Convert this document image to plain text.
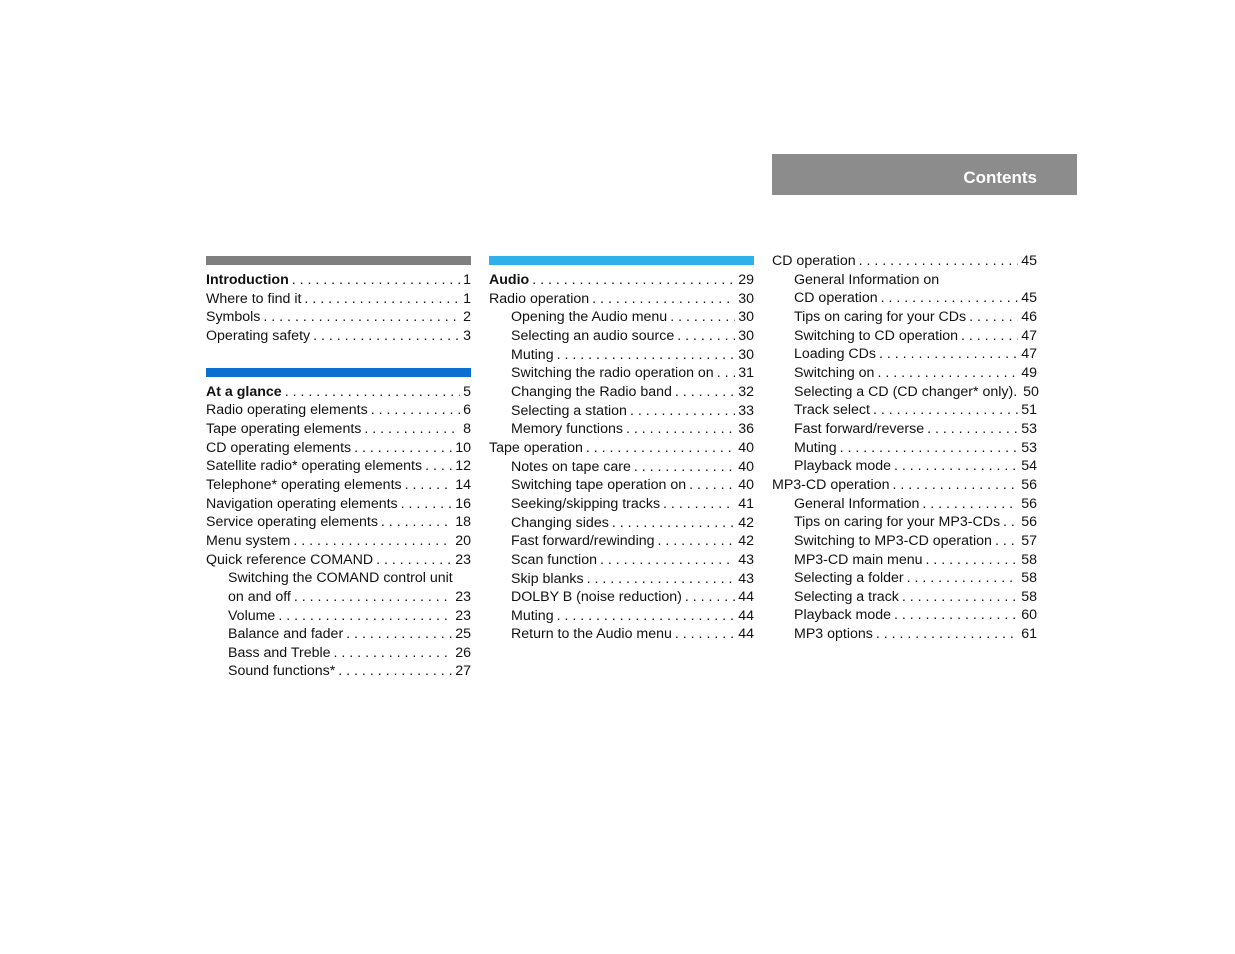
Contents
Introduction . . .	1
Where to find it . . .	1
Symbols . . .	2
Operating safety . . .	3
At a glance . . .	5
Radio operating elements . . .	6
Tape operating elements . . .	8
CD operating elements . . .	10
Satellite radio* operating elements . . . 12
Telephone* operating elements . . .	14
Navigation operating elements . . .	16
Service operating elements . . .	18
Menu system . . .	20
Quick reference COMAND . . .	23
Switching the COMAND control unit
on and off . . .	23
Volume . . .	23
Balance and fader . . .	25
Bass and Treble . . .	26
Sound functions* . . .	27
Audio . . .	29
Radio operation . . .	30
Opening the Audio menu . . .	30
Selecting an audio source . . .	30
Muting . . .	30
Switching the radio operation on . . . 31
Changing the Radio band . . .	32
Selecting a station . . .	33
Memory functions . . .	36
Tape operation . . .	40
Notes on tape care . . .	40
Switching tape operation on . . .	40
Seeking/skipping tracks . . .	41
Changing sides . . .	42
Fast forward/rewinding . . .	42
Scan function . . .	43
Skip blanks . . .	43
DOLBY B (noise reduction) . . .	44
Muting . . .	44
Return to the Audio menu . . .	44
CD operation . . .	45
General Information on
CD operation . . .	45
Tips on caring for your CDs . . .	46
Switching to CD operation . . .	47
Loading CDs . . .	47
Switching on . . .	49
Selecting a CD (CD changer* only). 50
Track select . . .	51
Fast forward/reverse . . .	53
Muting . . .	53
Playback mode . . .	54
MP3-CD operation . . .	56
General Information . . .	56
Tips on caring for your MP3-CDs . . . 56
Switching to MP3-CD operation . . . 57
MP3-CD main menu . . .	58
Selecting a folder . . .	58
Selecting a track . . .	58
Playback mode . . .	60
MP3 options . . .	61
